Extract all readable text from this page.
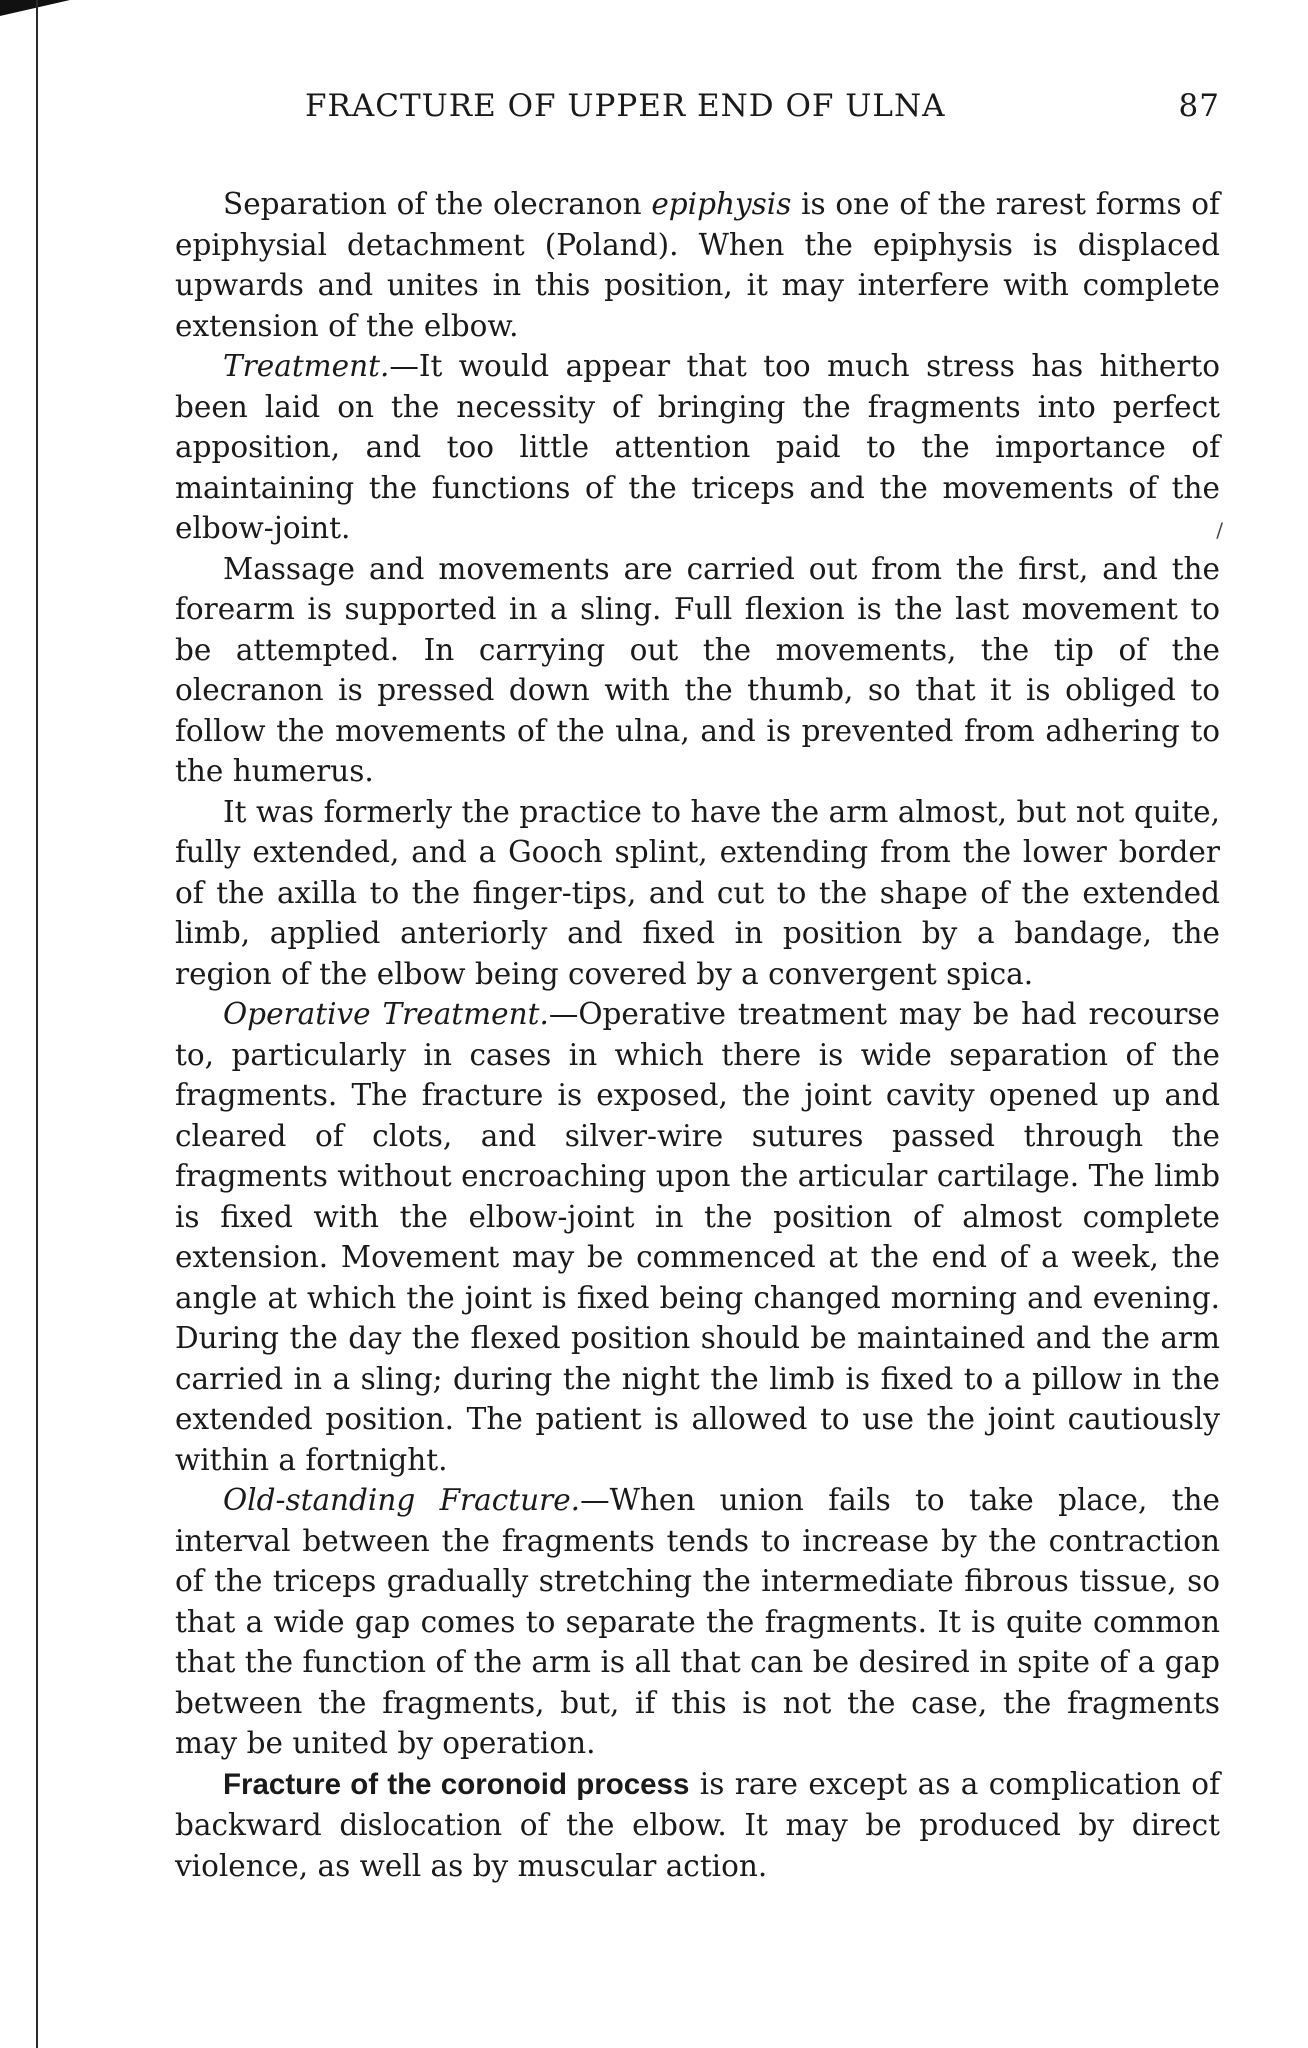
FRACTURE OF UPPER END OF ULNA	87
/

Separation of the olecranon epiphysis is one of the rarest forms of epiphysial detachment (Poland). When the epiphysis is displaced upwards and unites in this position, it may interfere with complete extension of the elbow.

Treatment.—It would appear that too much stress has hitherto been laid on the necessity of bringing the fragments into perfect apposition, and too little attention paid to the importance of maintaining the functions of the triceps and the movements of the elbow-joint.

Massage and movements are carried out from the first, and the forearm is supported in a sling. Full flexion is the last movement to be attempted. In carrying out the movements, the tip of the olecranon is pressed down with the thumb, so that it is obliged to follow the movements of the ulna, and is prevented from adhering to the humerus.

It was formerly the practice to have the arm almost, but not quite, fully extended, and a Gooch splint, extending from the lower border of the axilla to the finger-tips, and cut to the shape of the extended limb, applied anteriorly and fixed in position by a bandage, the region of the elbow being covered by a convergent spica.

Operative Treatment.—Operative treatment may be had recourse to, particularly in cases in which there is wide separation of the fragments. The fracture is exposed, the joint cavity opened up and cleared of clots, and silver-wire sutures passed through the fragments without encroaching upon the articular cartilage. The limb is fixed with the elbow-joint in the position of almost complete extension. Movement may be commenced at the end of a week, the angle at which the joint is fixed being changed morning and evening. During the day the flexed position should be maintained and the arm carried in a sling; during the night the limb is fixed to a pillow in the extended position. The patient is allowed to use the joint cautiously within a fortnight.

Old-standing Fracture.—When union fails to take place, the interval between the fragments tends to increase by the contraction of the triceps gradually stretching the intermediate fibrous tissue, so that a wide gap comes to separate the fragments. It is quite common that the function of the arm is all that can be desired in spite of a gap between the fragments, but, if this is not the case, the fragments may be united by operation.

Fracture of the coronoid process is rare except as a complication of backward dislocation of the elbow. It may be produced by direct violence, as well as by muscular action.
